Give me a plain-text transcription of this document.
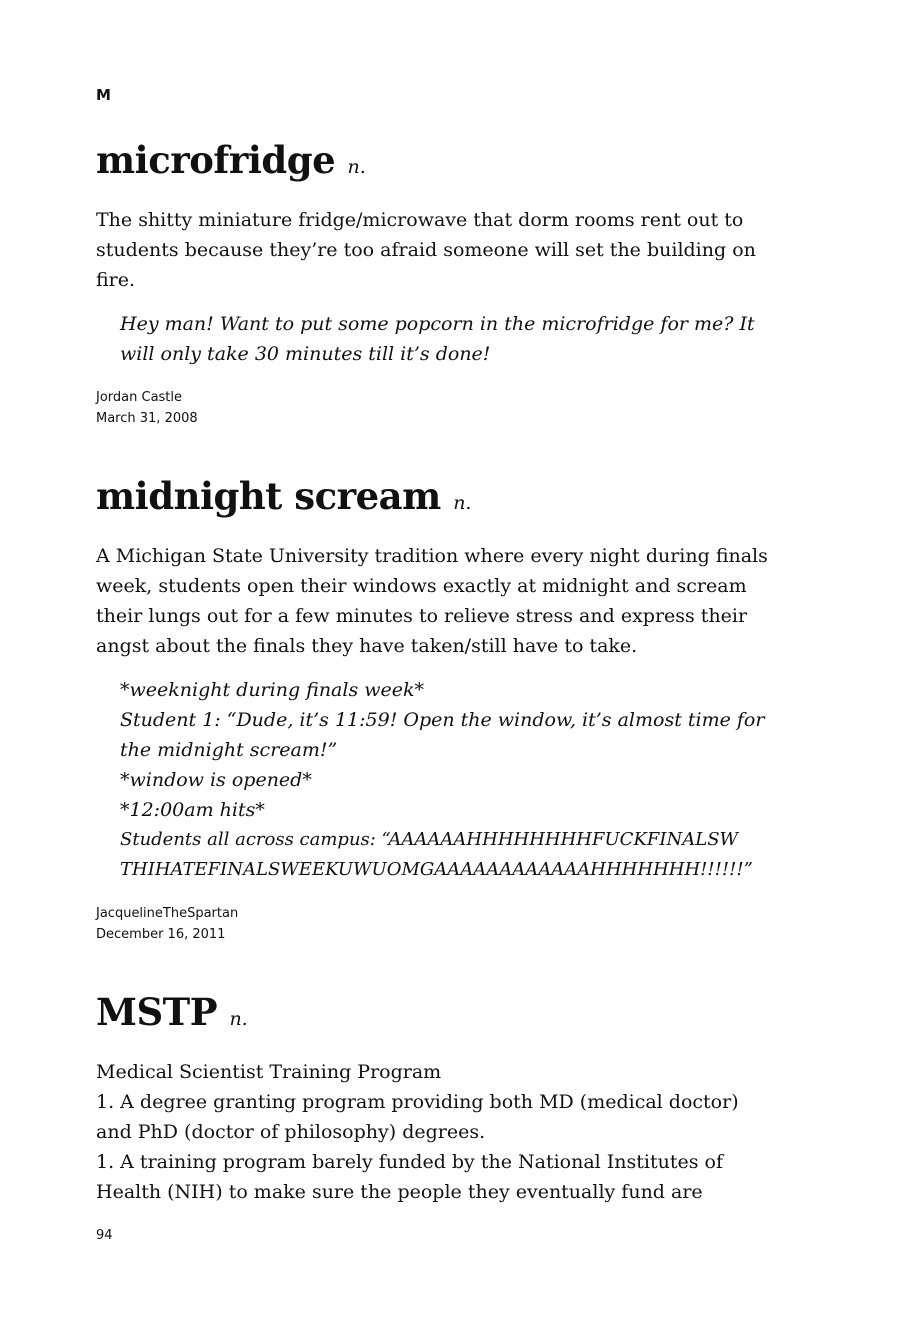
M
microfridge n.

The shitty miniature fridge/microwave that dorm rooms rent out to students because they’re too afraid someone will set the building on fire.

Hey man! Want to put some popcorn in the microfridge for me? It will only take 30 minutes till it’s done!

Jordan Castle
March 31, 2008
midnight scream n.

A Michigan State University tradition where every night during finals week, students open their windows exactly at midnight and scream their lungs out for a few minutes to relieve stress and express their angst about the finals they have taken/still have to take.

*weeknight during finals week*

Student 1: “Dude, it’s 11:59! Open the window, it’s almost time for the midnight scream!”

*window is opened*

*12:00am hits*

Students all across campus: “AAAAAAHHHHHHHHFUCKFINALSW

THIHATEFINALSWEEKUWUOMGAAAAAAAAAAAAHHHHHHH!!!!!!”

JacquelineTheSpartan
December 16, 2011
MSTP n.

Medical Scientist Training Program

1. A degree granting program providing both MD (medical doctor) and PhD (doctor of philosophy) degrees.

1. A training program barely funded by the National Institutes of Health (NIH) to make sure the people they eventually fund are

94
